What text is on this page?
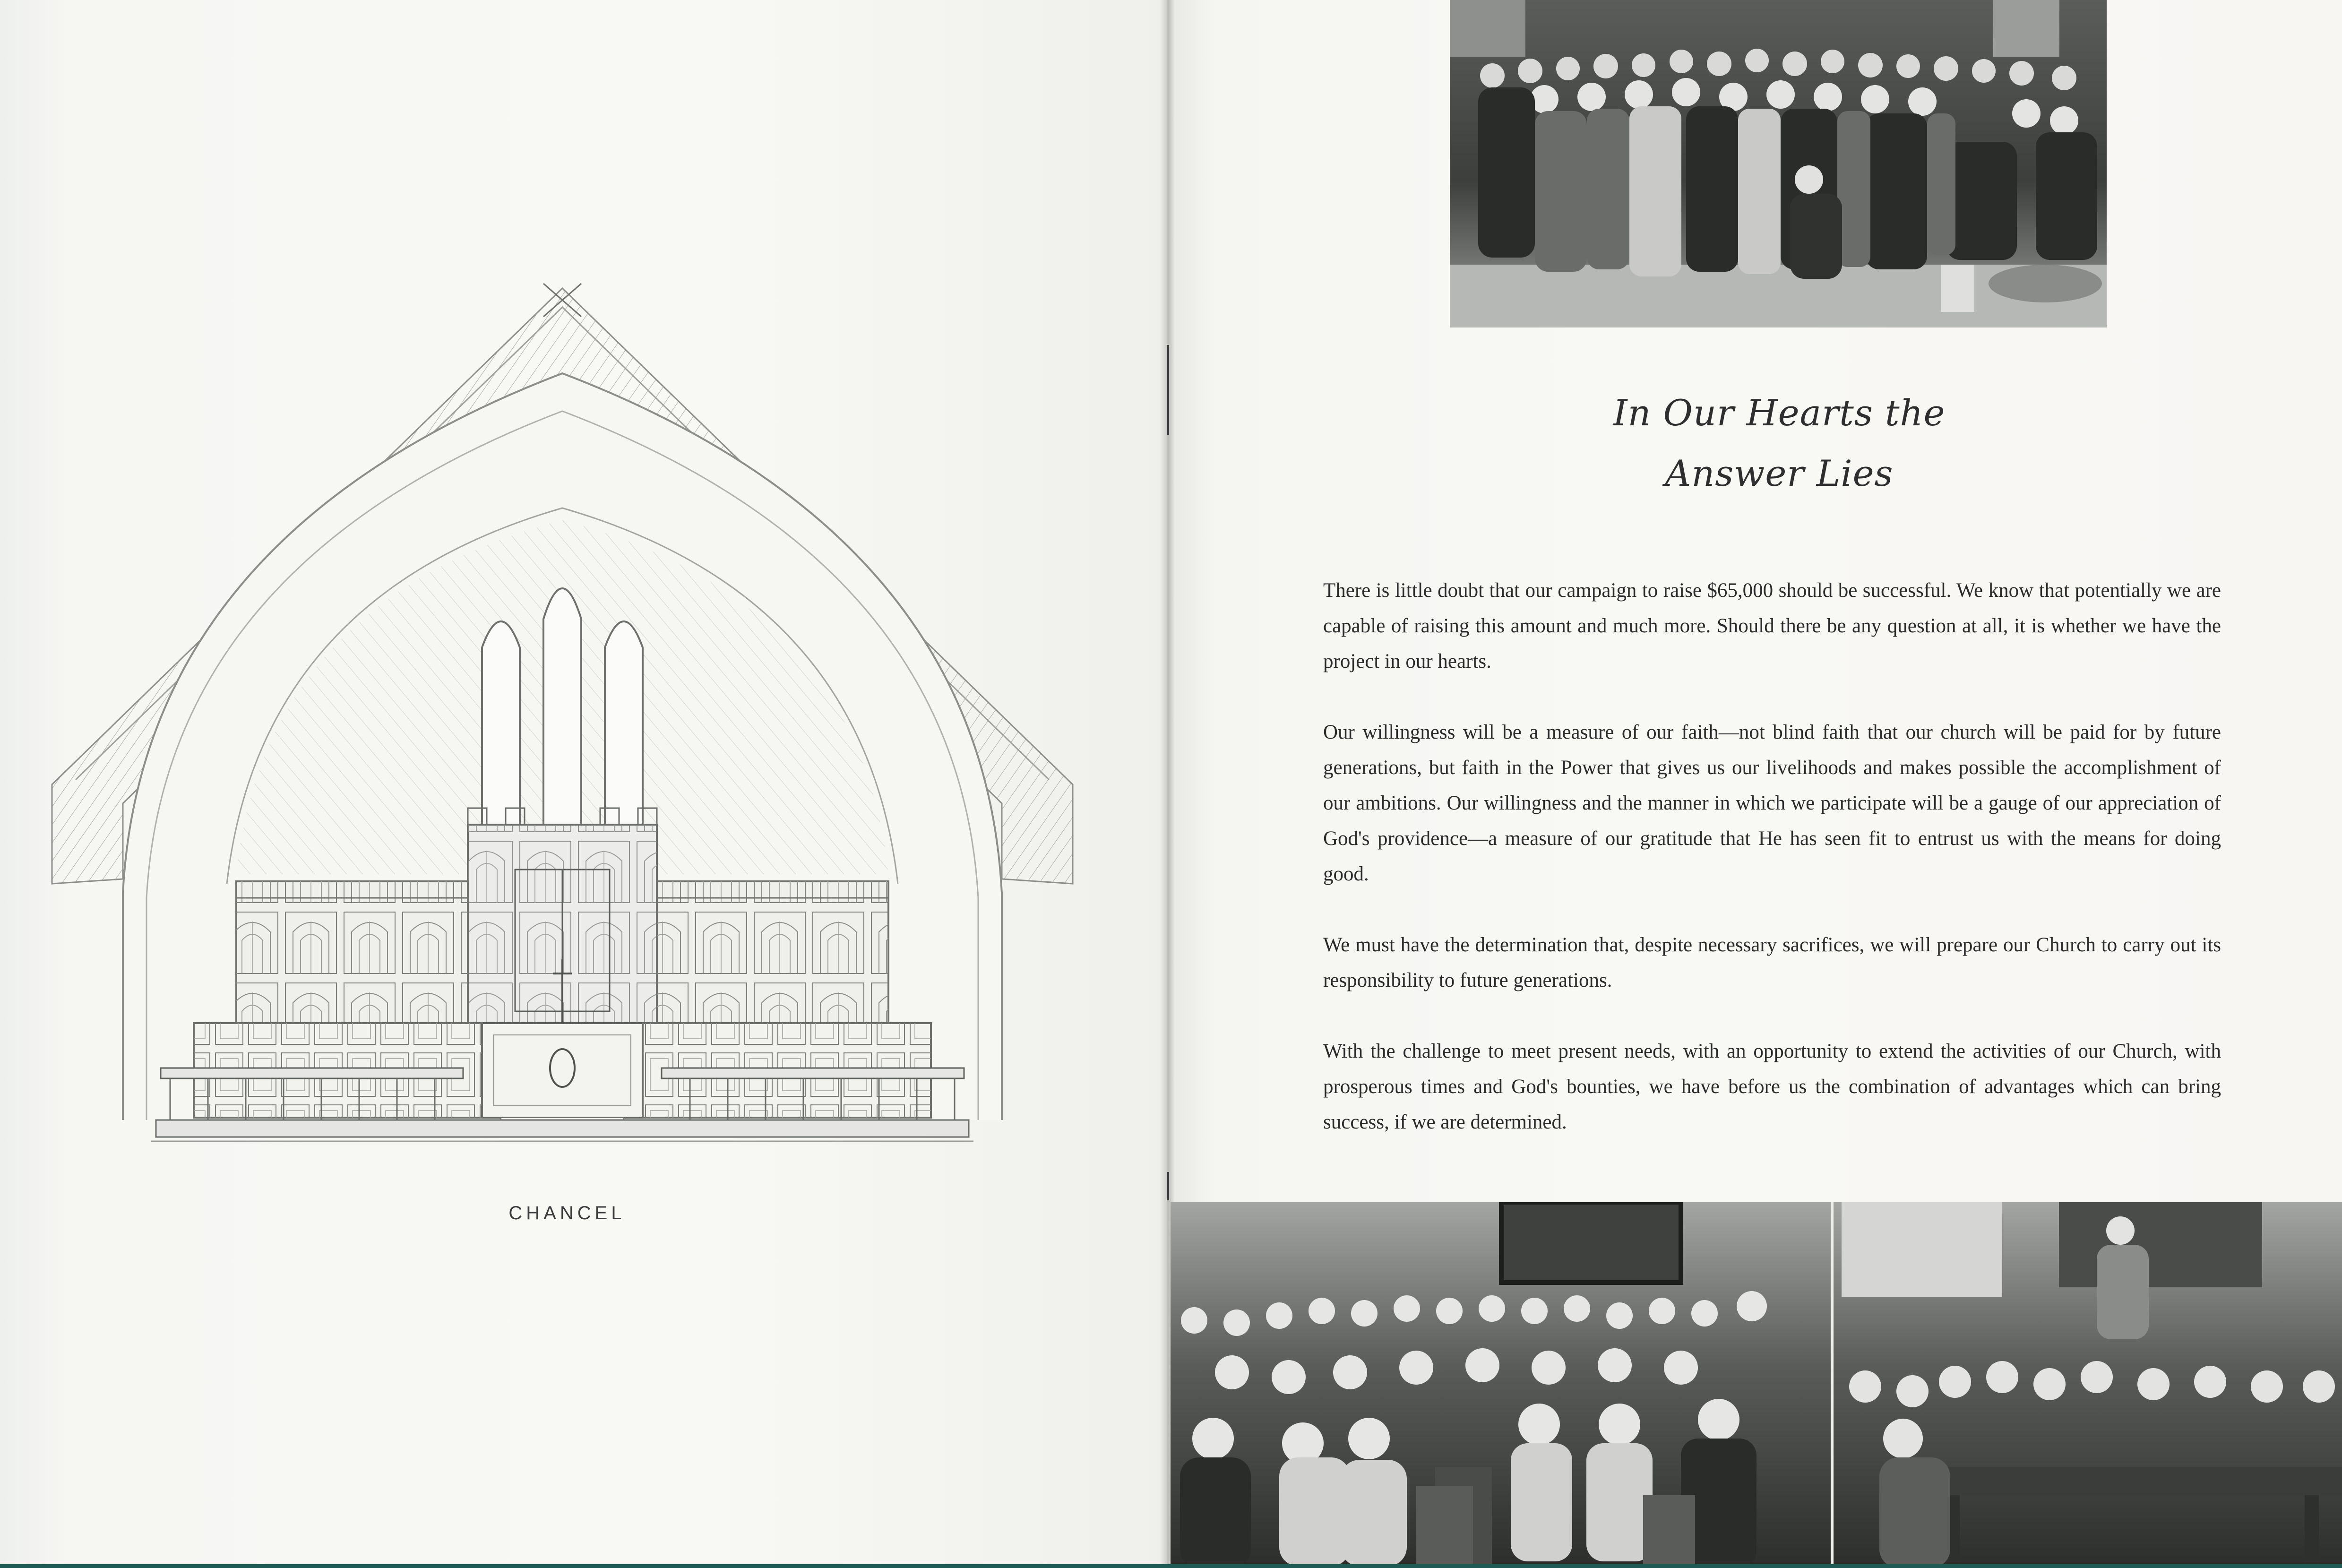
CHANCEL
In Our Hearts the
Answer Lies

There is little doubt that our campaign to raise $65,000 should be successful. We know that potentially we are capable of raising this amount and much more. Should there be any question at all, it is whether we have the project in our hearts.

Our willingness will be a measure of our faith—not blind faith that our church will be paid for by future generations, but faith in the Power that gives us our livelihoods and makes possible the accomplishment of our ambitions. Our willingness and the manner in which we participate will be a gauge of our appreciation of God's providence—a measure of our gratitude that He has seen fit to entrust us with the means for doing good.

We must have the determination that, despite necessary sacrifices, we will prepare our Church to carry out its responsibility to future generations.

With the challenge to meet present needs, with an opportunity to extend the activities of our Church, with prosperous times and God's bounties, we have before us the combination of advantages which can bring success, if we are determined.
